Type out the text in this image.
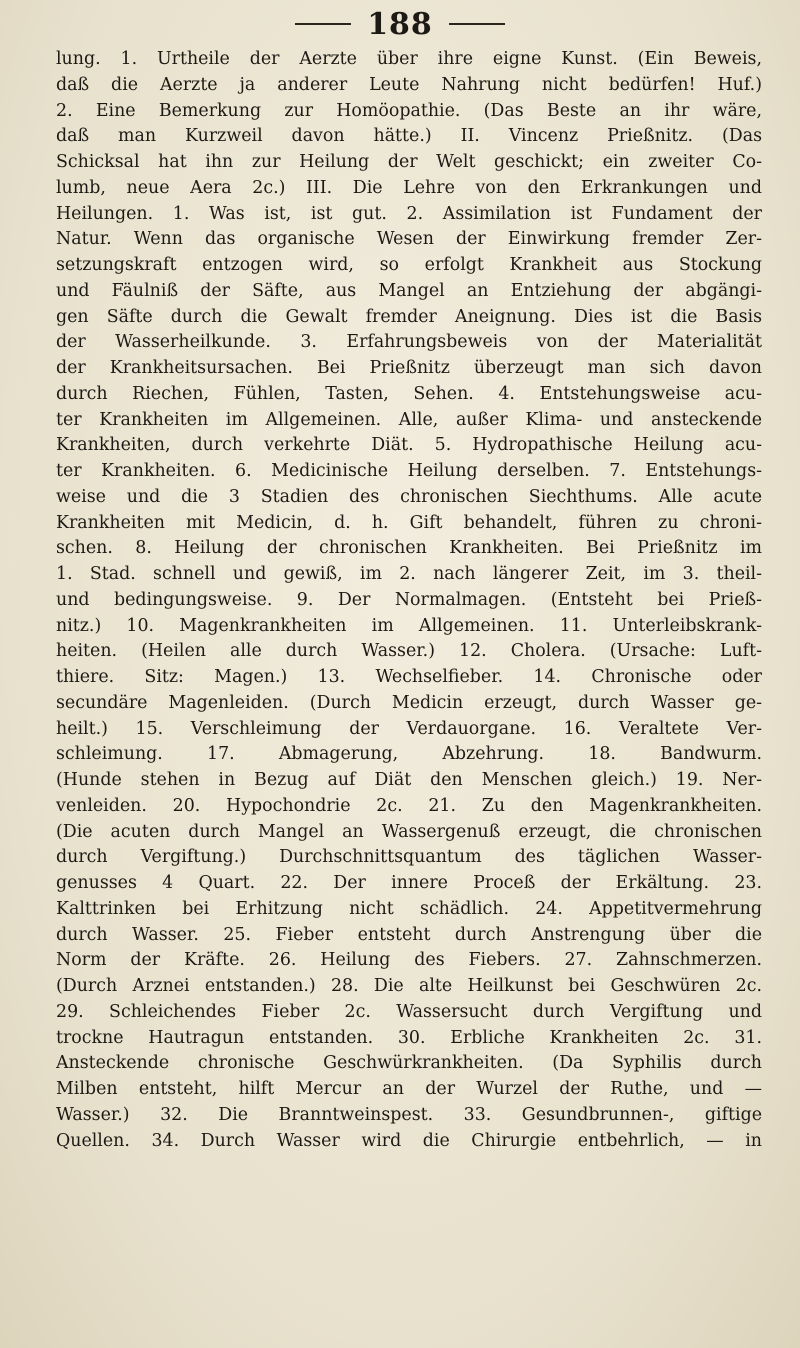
188
lung. 1. Urtheile der Aerzte über ihre eigne Kunst. (Ein Beweis,
daß die Aerzte ja anderer Leute Nahrung nicht bedürfen! Huf.)
2. Eine Bemerkung zur Homöopathie. (Das Beste an ihr wäre,
daß man Kurzweil davon hätte.) II. Vincenz Prießnitz. (Das
Schicksal hat ihn zur Heilung der Welt geschickt; ein zweiter Co-
lumb, neue Aera 2c.) III. Die Lehre von den Erkrankungen und
Heilungen. 1. Was ist, ist gut. 2. Assimilation ist Fundament der
Natur. Wenn das organische Wesen der Einwirkung fremder Zer-
setzungskraft entzogen wird, so erfolgt Krankheit aus Stockung
und Fäulniß der Säfte, aus Mangel an Entziehung der abgängi-
gen Säfte durch die Gewalt fremder Aneignung. Dies ist die Basis
der Wasserheilkunde. 3. Erfahrungsbeweis von der Materialität
der Krankheitsursachen. Bei Prießnitz überzeugt man sich davon
durch Riechen, Fühlen, Tasten, Sehen. 4. Entstehungsweise acu-
ter Krankheiten im Allgemeinen. Alle, außer Klima- und ansteckende
Krankheiten, durch verkehrte Diät. 5. Hydropathische Heilung acu-
ter Krankheiten. 6. Medicinische Heilung derselben. 7. Entstehungs-
weise und die 3 Stadien des chronischen Siechthums. Alle acute
Krankheiten mit Medicin, d. h. Gift behandelt, führen zu chroni-
schen. 8. Heilung der chronischen Krankheiten. Bei Prießnitz im
1. Stad. schnell und gewiß, im 2. nach längerer Zeit, im 3. theil-
und bedingungsweise. 9. Der Normalmagen. (Entsteht bei Prieß-
nitz.) 10. Magenkrankheiten im Allgemeinen. 11. Unterleibskrank-
heiten. (Heilen alle durch Wasser.) 12. Cholera. (Ursache: Luft-
thiere. Sitz: Magen.) 13. Wechselfieber. 14. Chronische oder
secundäre Magenleiden. (Durch Medicin erzeugt, durch Wasser ge-
heilt.) 15. Verschleimung der Verdauorgane. 16. Veraltete Ver-
schleimung. 17. Abmagerung, Abzehrung. 18. Bandwurm.
(Hunde stehen in Bezug auf Diät den Menschen gleich.) 19. Ner-
venleiden. 20. Hypochondrie 2c. 21. Zu den Magenkrankheiten.
(Die acuten durch Mangel an Wassergenuß erzeugt, die chronischen
durch Vergiftung.) Durchschnittsquantum des täglichen Wasser-
genusses 4 Quart. 22. Der innere Proceß der Erkältung. 23.
Kalttrinken bei Erhitzung nicht schädlich. 24. Appetitvermehrung
durch Wasser. 25. Fieber entsteht durch Anstrengung über die
Norm der Kräfte. 26. Heilung des Fiebers. 27. Zahnschmerzen.
(Durch Arznei entstanden.) 28. Die alte Heilkunst bei Geschwüren 2c.
29. Schleichendes Fieber 2c. Wassersucht durch Vergiftung und
trockne Hautragun entstanden. 30. Erbliche Krankheiten 2c. 31.
Ansteckende chronische Geschwürkrankheiten. (Da Syphilis durch
Milben entsteht, hilft Mercur an der Wurzel der Ruthe, und —
Wasser.) 32. Die Branntweinspest. 33. Gesundbrunnen-, giftige
Quellen. 34. Durch Wasser wird die Chirurgie entbehrlich, — in
